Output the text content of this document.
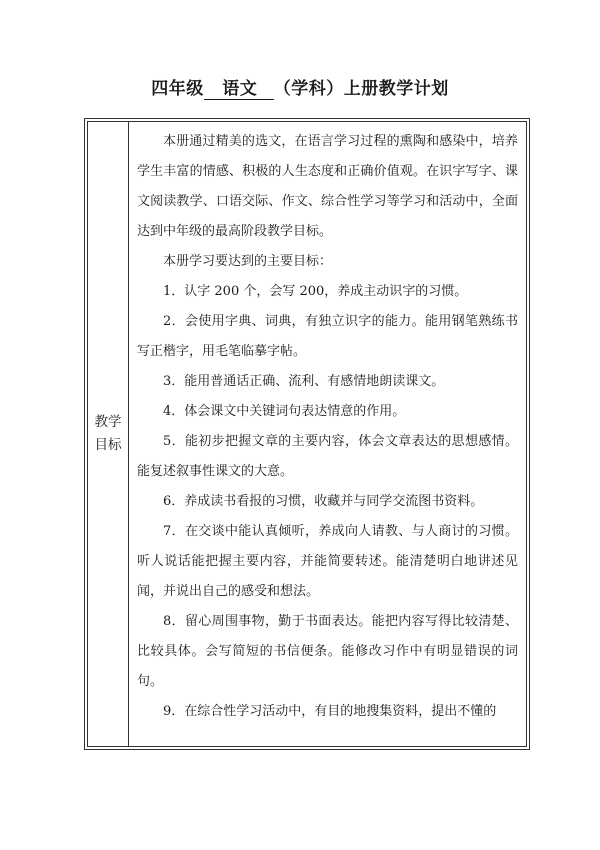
四年级 语文 （学科）上册教学计划
教学目标

本册通过精美的选文，在语言学习过程的熏陶和感染中，培养学生丰富的情感、积极的人生态度和正确价值观。在识字写字、课文阅读教学、口语交际、作文、综合性学习等学习和活动中，全面达到中年级的最高阶段教学目标。

本册学习要达到的主要目标：

1．认字 200 个，会写 200，养成主动识字的习惯。

2．会使用字典、词典，有独立识字的能力。能用钢笔熟练书写正楷字，用毛笔临摹字帖。

3．能用普通话正确、流利、有感情地朗读课文。

4．体会课文中关键词句表达情意的作用。

5．能初步把握文章的主要内容，体会文章表达的思想感情。能复述叙事性课文的大意。

6．养成读书看报的习惯，收藏并与同学交流图书资料。

7．在交谈中能认真倾听，养成向人请教、与人商讨的习惯。听人说话能把握主要内容，并能简要转述。能清楚明白地讲述见闻，并说出自己的感受和想法。

8．留心周围事物，勤于书面表达。能把内容写得比较清楚、比较具体。会写简短的书信便条。能修改习作中有明显错误的词句。

9．在综合性学习活动中，有目的地搜集资料，提出不懂的
